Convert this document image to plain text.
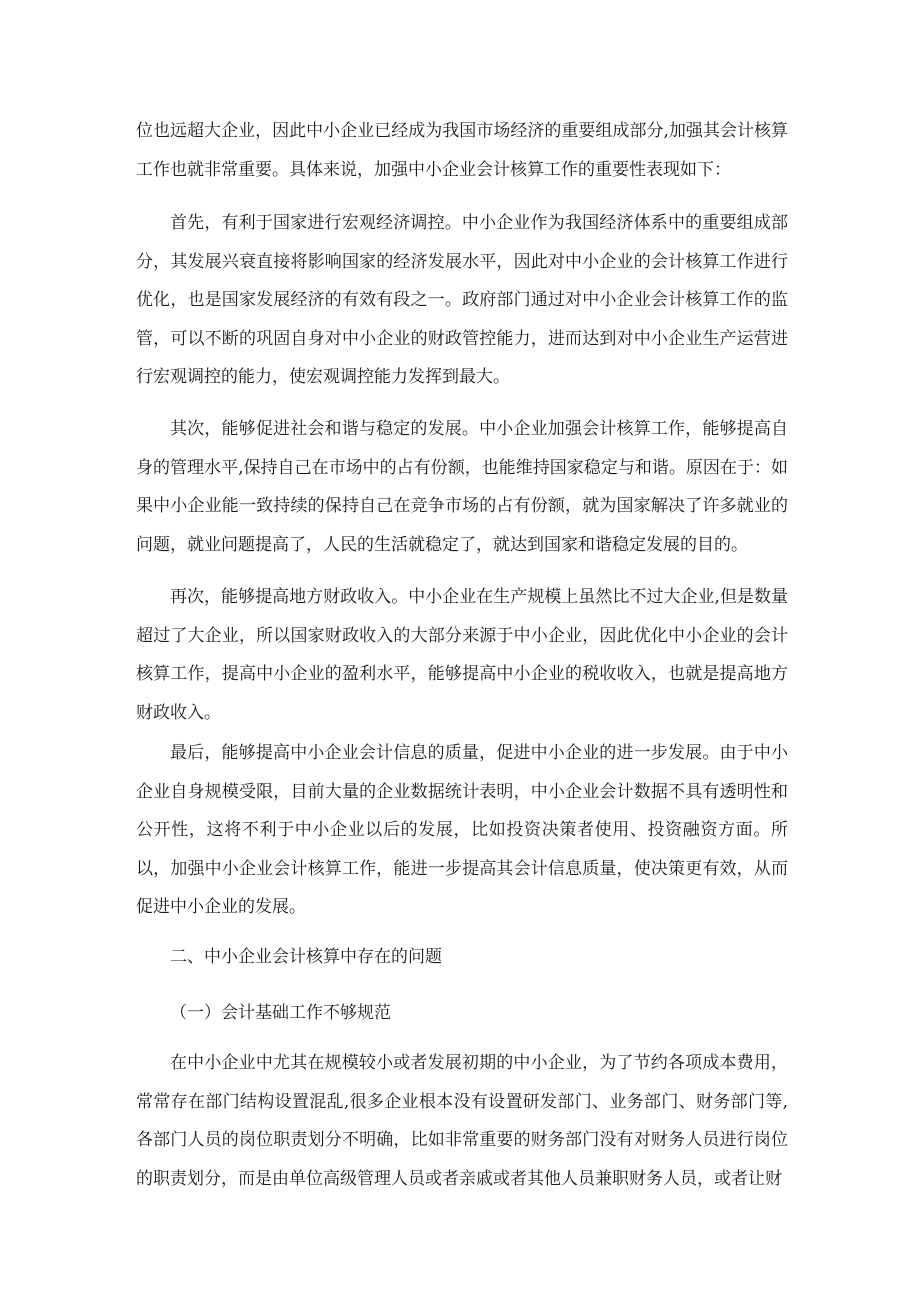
位也远超大企业，因此中小企业已经成为我国市场经济的重要组成部分,加强其会计核算工作也就非常重要。具体来说，加强中小企业会计核算工作的重要性表现如下：

首先，有利于国家进行宏观经济调控。中小企业作为我国经济体系中的重要组成部分，其发展兴衰直接将影响国家的经济发展水平，因此对中小企业的会计核算工作进行优化，也是国家发展经济的有效有段之一。政府部门通过对中小企业会计核算工作的监管，可以不断的巩固自身对中小企业的财政管控能力，进而达到对中小企业生产运营进行宏观调控的能力，使宏观调控能力发挥到最大。

其次，能够促进社会和谐与稳定的发展。中小企业加强会计核算工作，能够提高自身的管理水平,保持自己在市场中的占有份额，也能维持国家稳定与和谐。原因在于：如果中小企业能一致持续的保持自己在竞争市场的占有份额，就为国家解决了许多就业的问题，就业问题提高了，人民的生活就稳定了，就达到国家和谐稳定发展的目的。

再次，能够提高地方财政收入。中小企业在生产规模上虽然比不过大企业,但是数量超过了大企业，所以国家财政收入的大部分来源于中小企业，因此优化中小企业的会计核算工作，提高中小企业的盈利水平，能够提高中小企业的税收收入，也就是提高地方财政收入。

最后，能够提高中小企业会计信息的质量，促进中小企业的进一步发展。由于中小企业自身规模受限，目前大量的企业数据统计表明，中小企业会计数据不具有透明性和公开性，这将不利于中小企业以后的发展，比如投资决策者使用、投资融资方面。所以，加强中小企业会计核算工作，能进一步提高其会计信息质量，使决策更有效，从而促进中小企业的发展。

二、中小企业会计核算中存在的问题
（一）会计基础工作不够规范

在中小企业中尤其在规模较小或者发展初期的中小企业，为了节约各项成本费用，常常存在部门结构设置混乱,很多企业根本没有设置研发部门、业务部门、财务部门等,各部门人员的岗位职责划分不明确，比如非常重要的财务部门没有对财务人员进行岗位的职责划分，而是由单位高级管理人员或者亲戚或者其他人员兼职财务人员，或者让财
